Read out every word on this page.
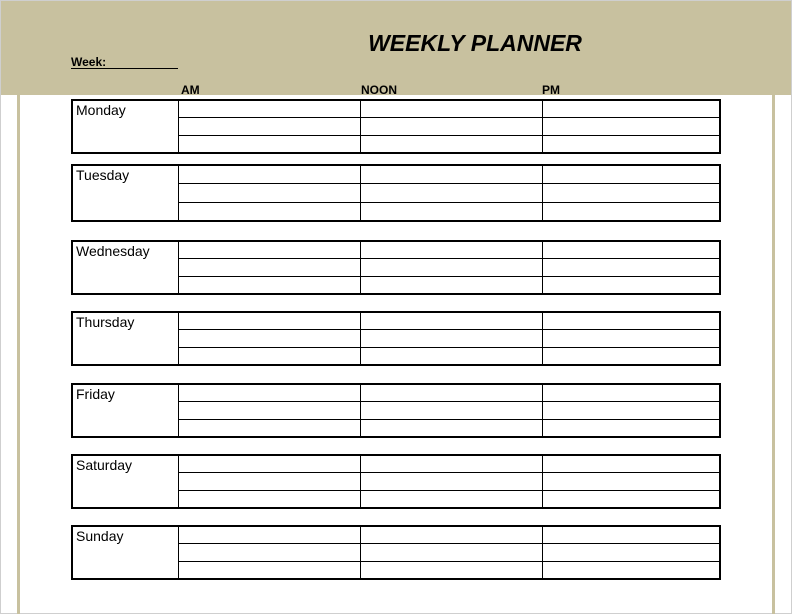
WEEKLY PLANNER
Week:
AM	NOON	PM
Monday
Tuesday
Wednesday
Thursday
Friday
Saturday
Sunday
